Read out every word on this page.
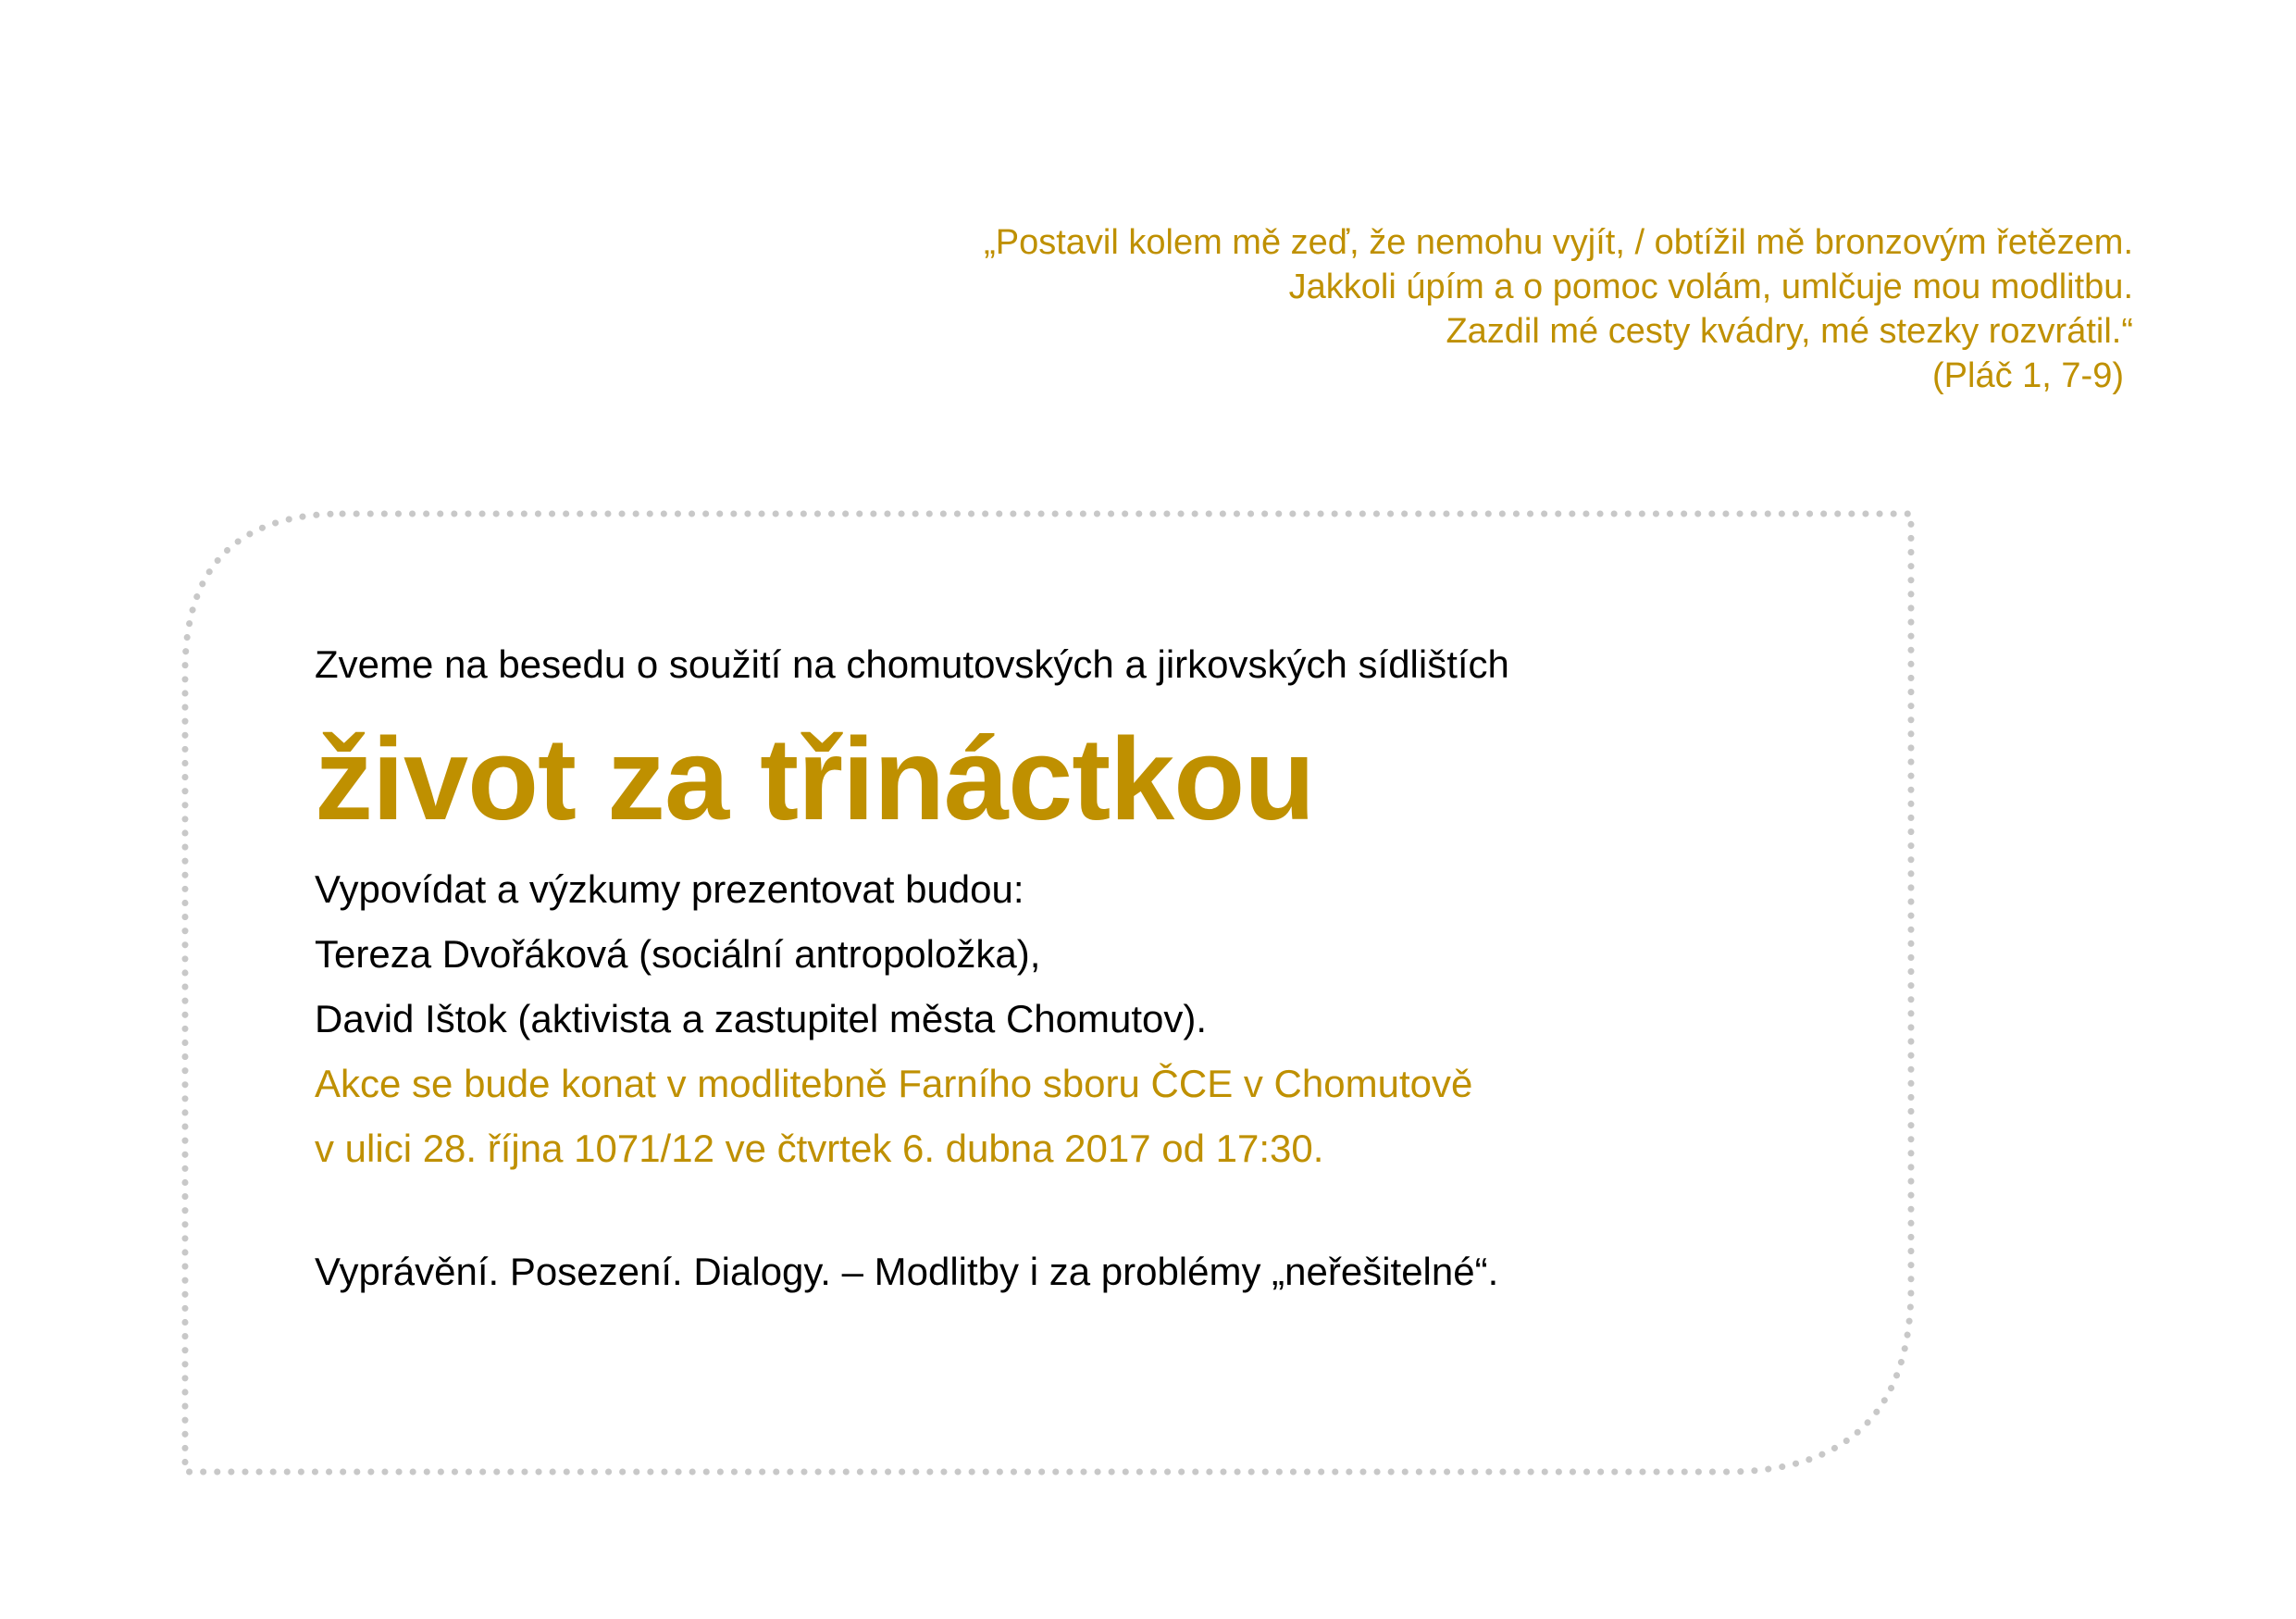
„Postavil kolem mě zeď, že nemohu vyjít, / obtížil mě bronzovým řetězem.
Jakkoli úpím a o pomoc volám, umlčuje mou modlitbu.
Zazdil mé cesty kvádry, mé stezky rozvrátil.“
(Pláč 1, 7-9)

Zveme na besedu o soužití na chomutovských a jirkovských sídlištích

život za třináctkou
Vypovídat a výzkumy prezentovat budou:
Tereza Dvořáková (sociální antropoložka),
David Ištok (aktivista a zastupitel města Chomutov).
Akce se bude konat v modlitebně Farního sboru ČCE v Chomutově
v ulici 28. října 1071/12 ve čtvrtek 6. dubna 2017 od 17:30.
Vyprávění. Posezení. Dialogy. – Modlitby i za problémy „neřešitelné“.
